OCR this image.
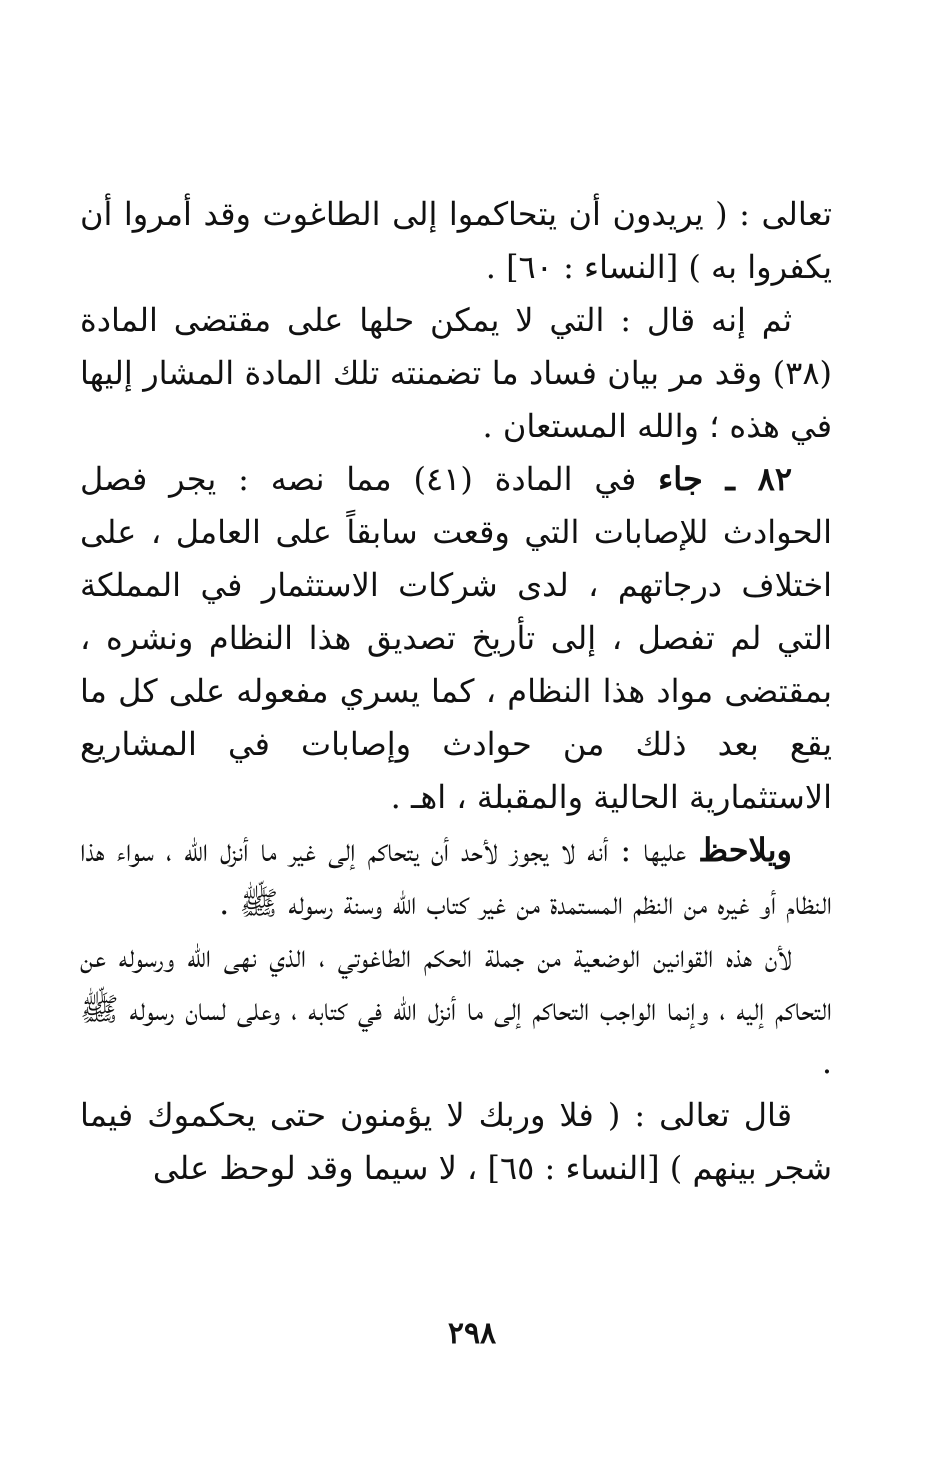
تعالى : ( يريدون أن يتحاكموا إلى الطاغوت وقد أمروا أن يكفروا به ) [النساء : ٦٠] .

ثم إنه قال : التي لا يمكن حلها على مقتضى المادة (٣٨) وقد مر بيان فساد ما تضمنته تلك المادة المشار إليها في هذه ؛ والله المستعان .

٨٢ ـ جاء في المادة (٤١) مما نصه : يجر فصل الحوادث للإصابات التي وقعت سابقاً على العامل ، على اختلاف درجاتهم ، لدى شركات الاستثمار في المملكة التي لم تفصل ، إلى تأريخ تصديق هذا النظام ونشره ، بمقتضى مواد هذا النظام ، كما يسري مفعوله على كل ما يقع بعد ذلك من حوادث وإصابات في المشاريع الاستثمارية الحالية والمقبلة ، اهـ .

ويلاحظ عليها : أنه لا يجوز لأحد أن يتحاكم إلى غير ما أنزل الله ، سواء هذا النظام أو غيره من النظم المستمدة من غير كتاب الله وسنة رسوله ﷺ .

لأن هذه القوانين الوضعية من جملة الحكم الطاغوتي ، الذي نهى الله ورسوله عن التحاكم إليه ، وإنما الواجب التحاكم إلى ما أنزل الله في كتابه ، وعلى لسان رسوله ﷺ .

قال تعالى : ( فلا وربك لا يؤمنون حتى يحكموك فيما شجر بينهم ) [النساء : ٦٥] ، لا سيما وقد لوحظ على

٢٩٨
